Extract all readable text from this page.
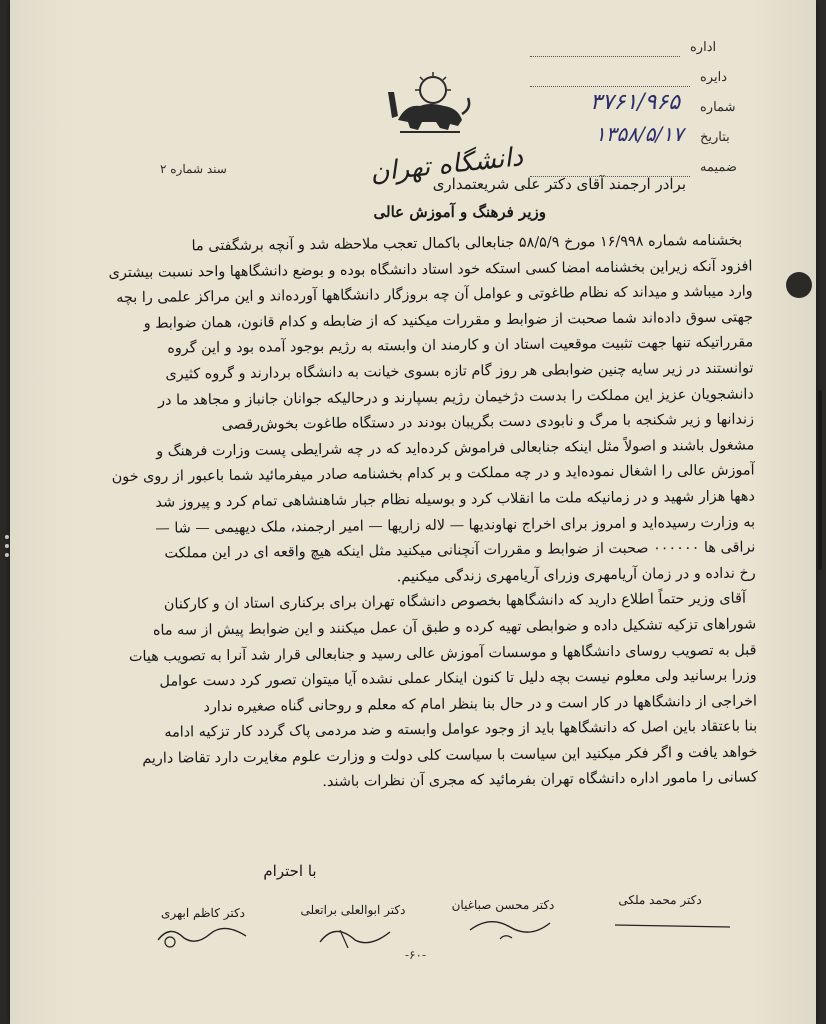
اداره
دایره
شماره
۳۷۶۱/۹۶۵
بتاریخ
۱۳۵۸/۵/۱۷
ضمیمه
دانشگاه تهران
سند شماره ۲
برادر ارجمند آقای دکتر علی شریعتمداری
وزیر فرهنگ و آموزش عالی
بخشنامه شماره ۱۶/۹۹۸ مورخ ۵۸/۵/۹ جنابعالی باکمال تعجب ملاحظه شد و آنچه برشگفتی ما
افزود آنکه زیراین بخشنامه امضا کسی استکه خود استاد دانشگاه بوده و بوضع دانشگاهها واحد نسبت بیشتری
وارد میباشد و میداند که نظام طاغوتی و عوامل آن چه بروزگار دانشگاهها آورده‌اند و این مراکز علمی را بچه
جهتی سوق داده‌اند شما صحبت از ضوابط و مقررات میکنید که از ضابطه و کدام قانون، همان ضوابط و
مقرراتیکه تنها جهت تثبیت موقعیت استاد ان و کارمند ان وابسته به رژیم بوجود آمده بود و این گروه
توانستند در زیر سایه چنین ضوابطی هر روز گام تازه بسوی خیانت به دانشگاه بردارند و گروه کثیری
دانشجویان عزیز این مملکت را بدست دژخیمان رژیم بسپارند و درحالیکه جوانان جانباز و مجاهد ما در
زندانها و زیر شکنجه با مرگ و نابودی دست بگریبان بودند در دستگاه طاغوت بخوش‌رقصی
مشغول باشند و اصولاً مثل اینکه جنابعالی فراموش کرده‌اید که در چه شرایطی پست وزارت فرهنگ و
آموزش عالی را اشغال نموده‌اید و در چه مملکت و بر کدام بخشنامه صادر میفرمائید شما باعبور از روی خون
دهها هزار شهید و در زمانیکه ملت ما انقلاب کرد و بوسیله نظام جبار شاهنشاهی تمام کرد و پیروز شد
به وزارت رسیده‌اید و امروز برای اخراج نهاوندیها — لاله زاریها — امیر ارجمند، ملک دیهیمی — شا —
نراقی ها ۰۰۰۰۰۰ صحبت از ضوابط و مقررات آنچنانی میکنید مثل اینکه هیچ واقعه ای در این مملکت
رخ نداده و در زمان آریامهری وزرای آریامهری زندگی میکنیم.
آقای وزیر حتماً اطلاع دارید که دانشگاهها بخصوص دانشگاه تهران برای برکناری استاد ان و کارکنان
شوراهای تزکیه تشکیل داده و ضوابطی تهیه کرده و طبق آن عمل میکنند و این ضوابط پیش از سه ماه
قبل به تصویب روسای دانشگاهها و موسسات آموزش عالی رسید و جنابعالی قرار شد آنرا به تصویب هیات
وزرا برسانید ولی معلوم نیست بچه دلیل تا کنون اینکار عملی نشده آیا میتوان تصور کرد دست عوامل
اخراجی از دانشگاهها در کار است و در حال بنا بنظر امام که معلم و روحانی گناه صغیره ندارد
بنا باعتقاد باین اصل که دانشگاهها باید از وجود عوامل وابسته و ضد مردمی پاک گردد کار تزکیه ادامه
خواهد یافت و اگر فکر میکنید این سیاست با سیاست کلی دولت و وزارت علوم مغایرت دارد تقاضا داریم
کسانی را مامور اداره دانشگاه تهران بفرمائید که مجری آن نظرات باشند.
با احترام
دکتر محمد ملکی
دکتر محسن صباغیان
دکتر ابوالعلی براتعلی
دکتر کاظم ابهری
-۶۰-
